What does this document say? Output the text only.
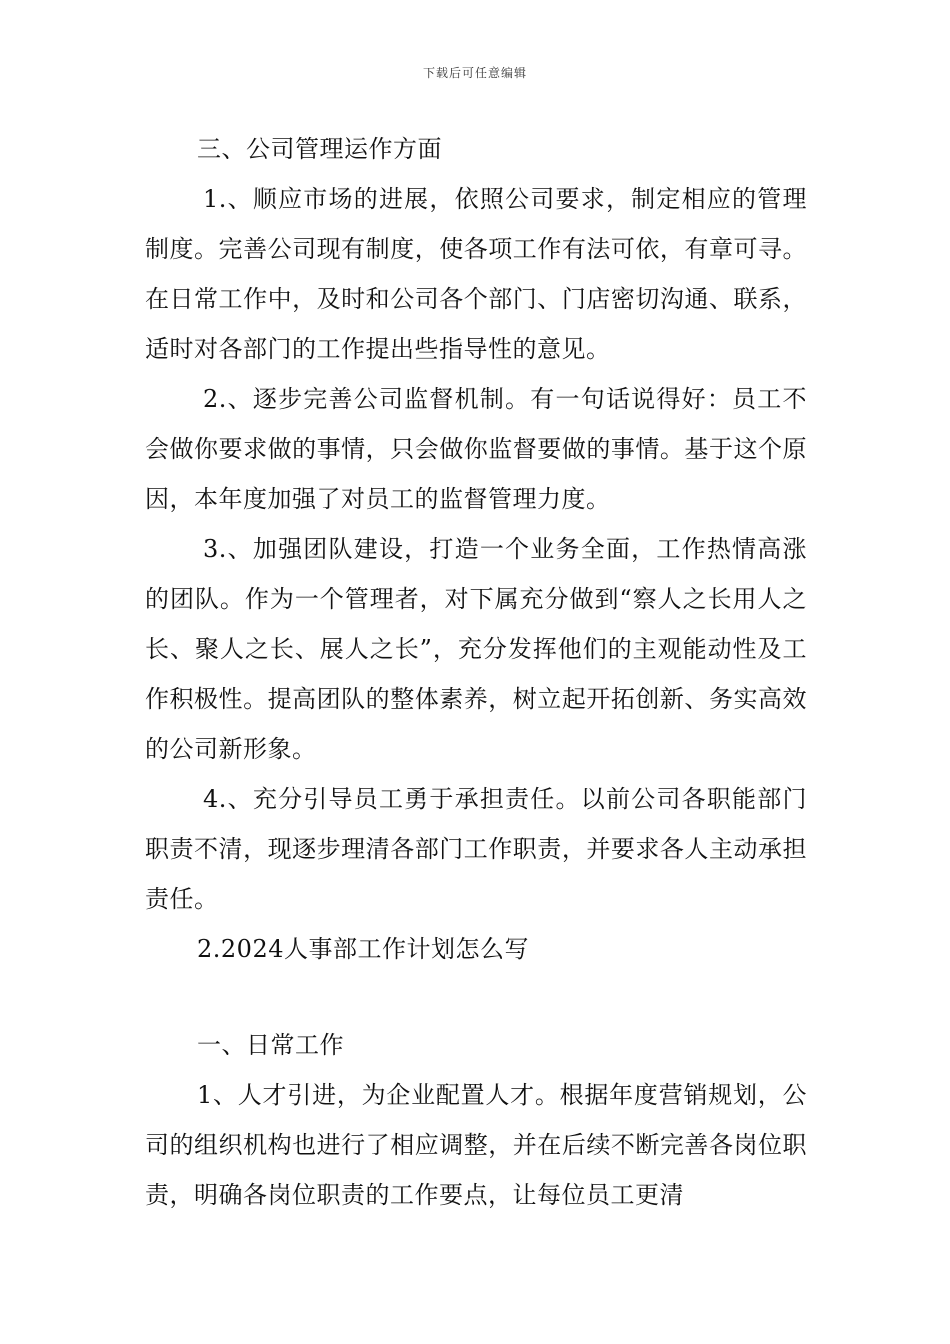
下载后可任意编辑

三、公司管理运作方面

1.、顺应市场的进展，依照公司要求，制定相应的管理制度。完善公司现有制度，使各项工作有法可依，有章可寻。在日常工作中，及时和公司各个部门、门店密切沟通、联系，适时对各部门的工作提出些指导性的意见。

2.、逐步完善公司监督机制。有一句话说得好：员工不会做你要求做的事情，只会做你监督要做的事情。基于这个原因，本年度加强了对员工的监督管理力度。

3.、加强团队建设，打造一个业务全面，工作热情高涨的团队。作为一个管理者，对下属充分做到“察人之长用人之长、聚人之长、展人之长”，充分发挥他们的主观能动性及工作积极性。提高团队的整体素养，树立起开拓创新、务实高效的公司新形象。

4.、充分引导员工勇于承担责任。以前公司各职能部门职责不清，现逐步理清各部门工作职责，并要求各人主动承担责任。

2.2024人事部工作计划怎么写

一、日常工作

1、人才引进，为企业配置人才。根据年度营销规划，公司的组织机构也进行了相应调整，并在后续不断完善各岗位职责，明确各岗位职责的工作要点，让每位员工更清
